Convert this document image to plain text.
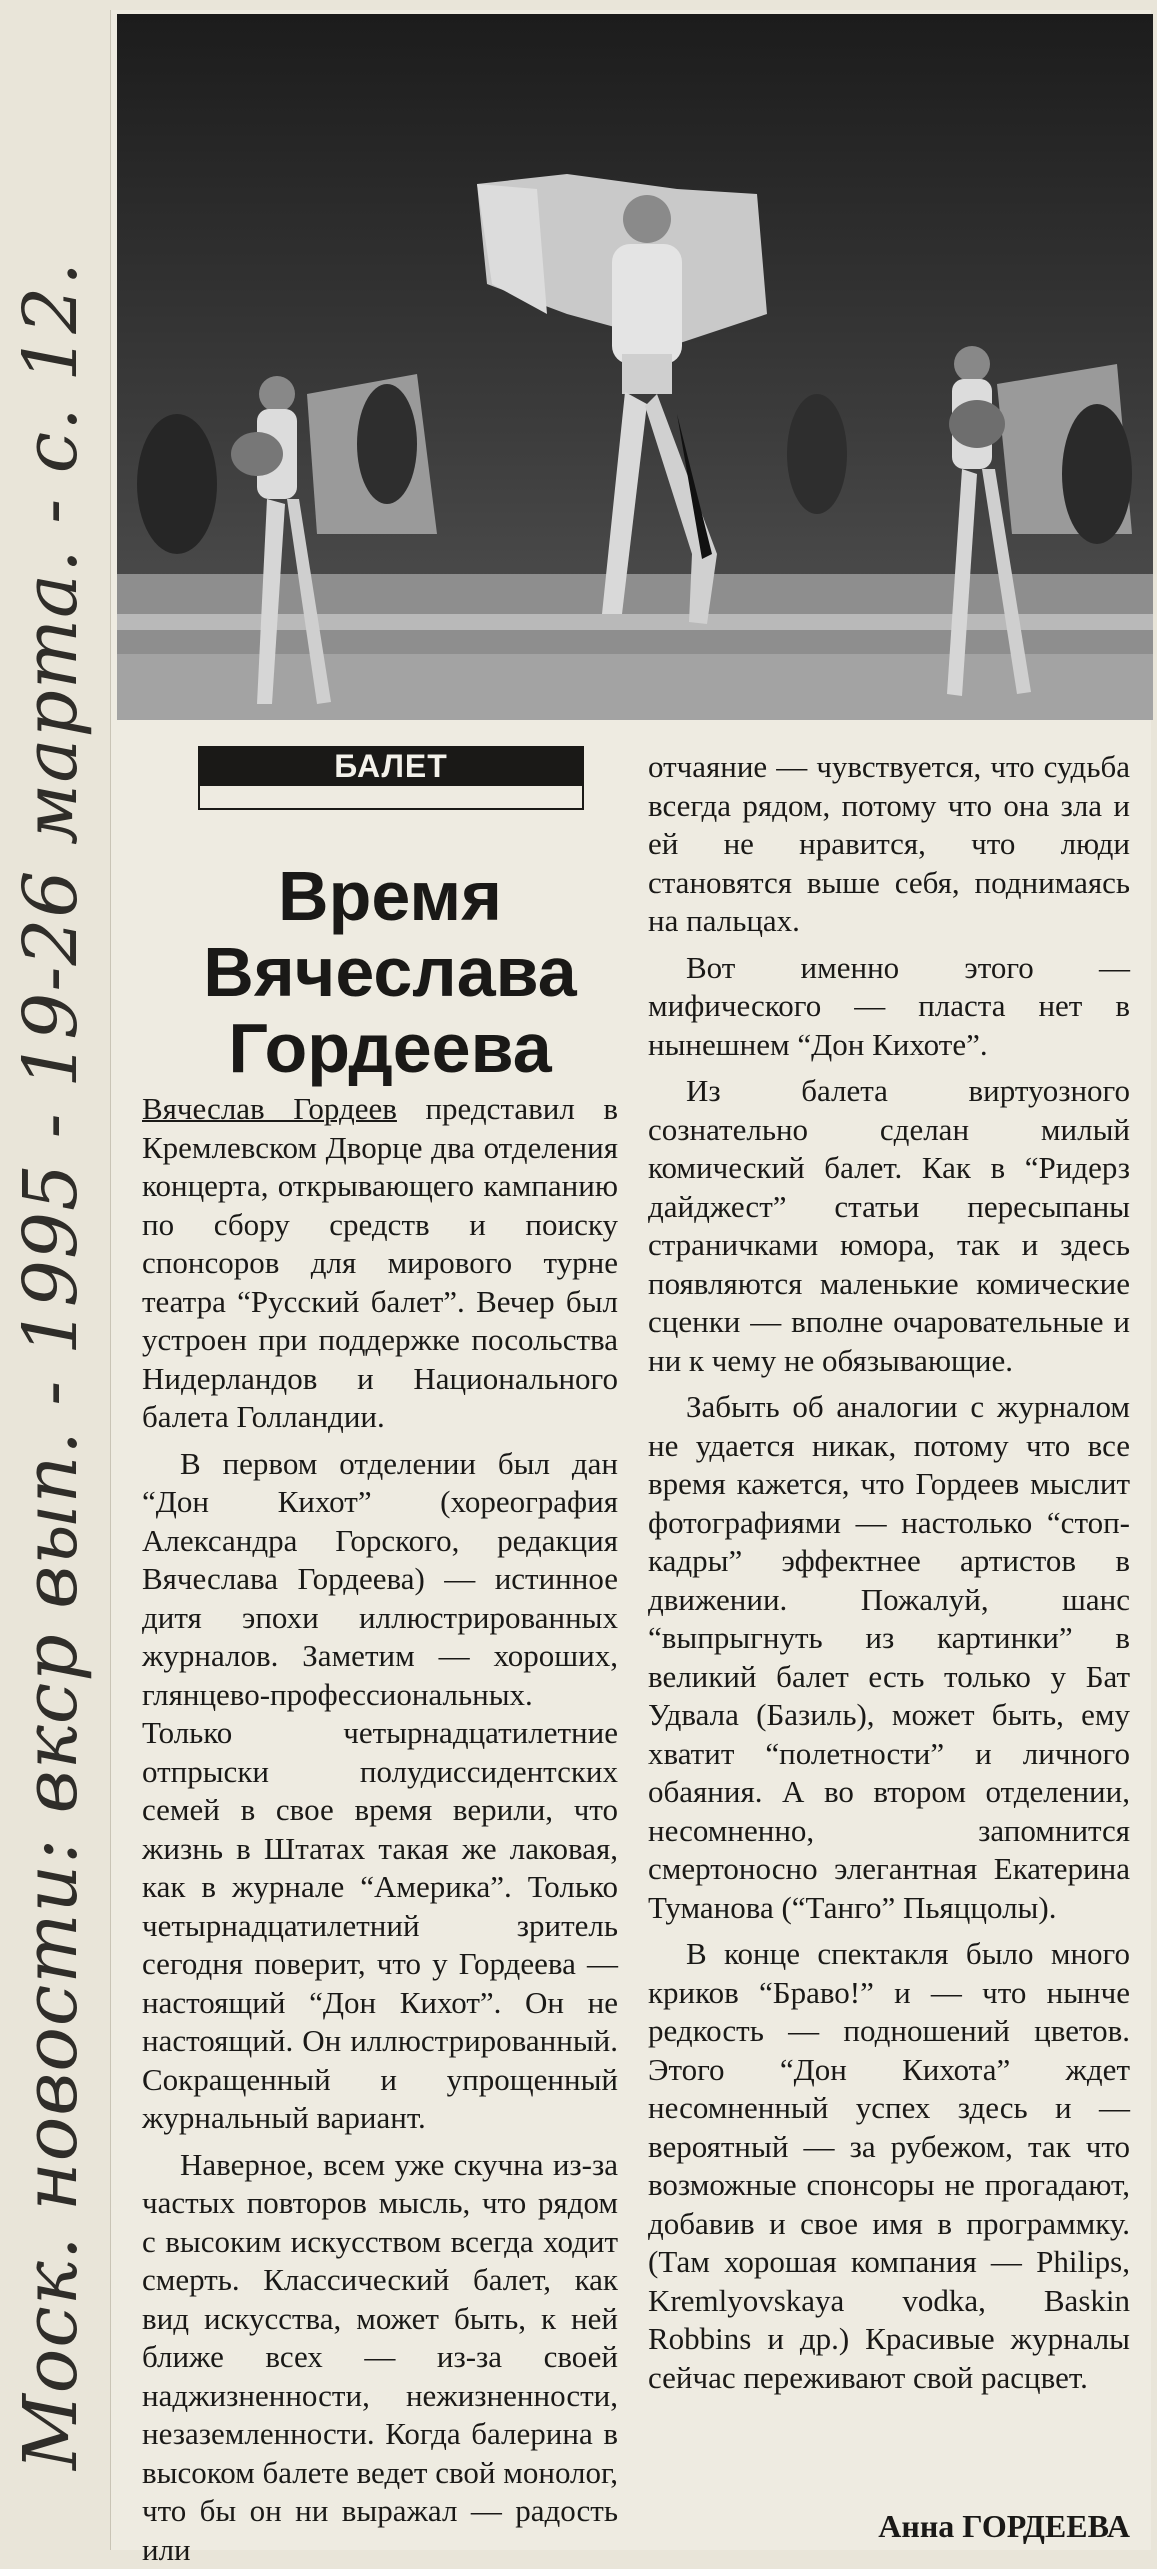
Моск. новости: вкср вып. - 1995 - 19-26 марта. - с. 12.	БАЛЕТ
Время
Вячеслава
Гордеева

Вячеслав Гордеев представил в Кремлевском Дворце два отделения концерта, открывающего кампанию по сбору средств и поиску спонсоров для мирового турне театра “Русский балет”. Вечер был устроен при поддержке посольства Нидерландов и Национального балета Голландии.

В первом отделении был дан “Дон Кихот” (хореография Александра Горского, редакция Вячеслава Гордеева) — истинное дитя эпохи иллюстрированных журналов. Заметим — хороших, глянцево-профессиональных. Только четырнадцатилетние отпрыски полудиссидентских семей в свое время верили, что жизнь в Штатах такая же лаковая, как в журнале “Америка”. Только четырнадцатилетний зритель сегодня поверит, что у Гордеева — настоящий “Дон Кихот”. Он не настоящий. Он иллюстрированный. Сокращенный и упрощенный журнальный вариант.

Наверное, всем уже скучна из-за частых повторов мысль, что рядом с высоким искусством всегда ходит смерть. Классический балет, как вид искусства, может быть, к ней ближе всех — из-за своей наджизненности, нежизненности, незаземленности. Когда балерина в высоком балете ведет свой монолог, что бы он ни выражал — радость или

отчаяние — чувствуется, что судьба всегда рядом, потому что она зла и ей не нравится, что люди становятся выше себя, поднимаясь на пальцах.

Вот именно этого — мифического — пласта нет в нынешнем “Дон Кихоте”.

Из балета виртуозного сознательно сделан милый комический балет. Как в “Ридерз дайджест” статьи пересыпаны страничками юмора, так и здесь появляются маленькие комические сценки — вполне очаровательные и ни к чему не обязывающие.

Забыть об аналогии с журналом не удается никак, потому что все время кажется, что Гордеев мыслит фотографиями — настолько “стоп-кадры” эффектнее артистов в движении. Пожалуй, шанс “выпрыгнуть из картинки” в великий балет есть только у Бат Удвала (Базиль), может быть, ему хватит “полетности” и личного обаяния. А во втором отделении, несомненно, запомнится смертоносно элегантная Екатерина Туманова (“Танго” Пьяццолы).

В конце спектакля было много криков “Браво!” и — что нынче редкость — подношений цветов. Этого “Дон Кихота” ждет несомненный успех здесь и — вероятный — за рубежом, так что возможные спонсоры не прогадают, добавив и свое имя в программку. (Там хорошая компания — Philips, Kremlyovskaya vodka, Baskin Robbins и др.) Красивые журналы сейчас переживают свой расцвет.

Анна ГОРДЕЕВА
